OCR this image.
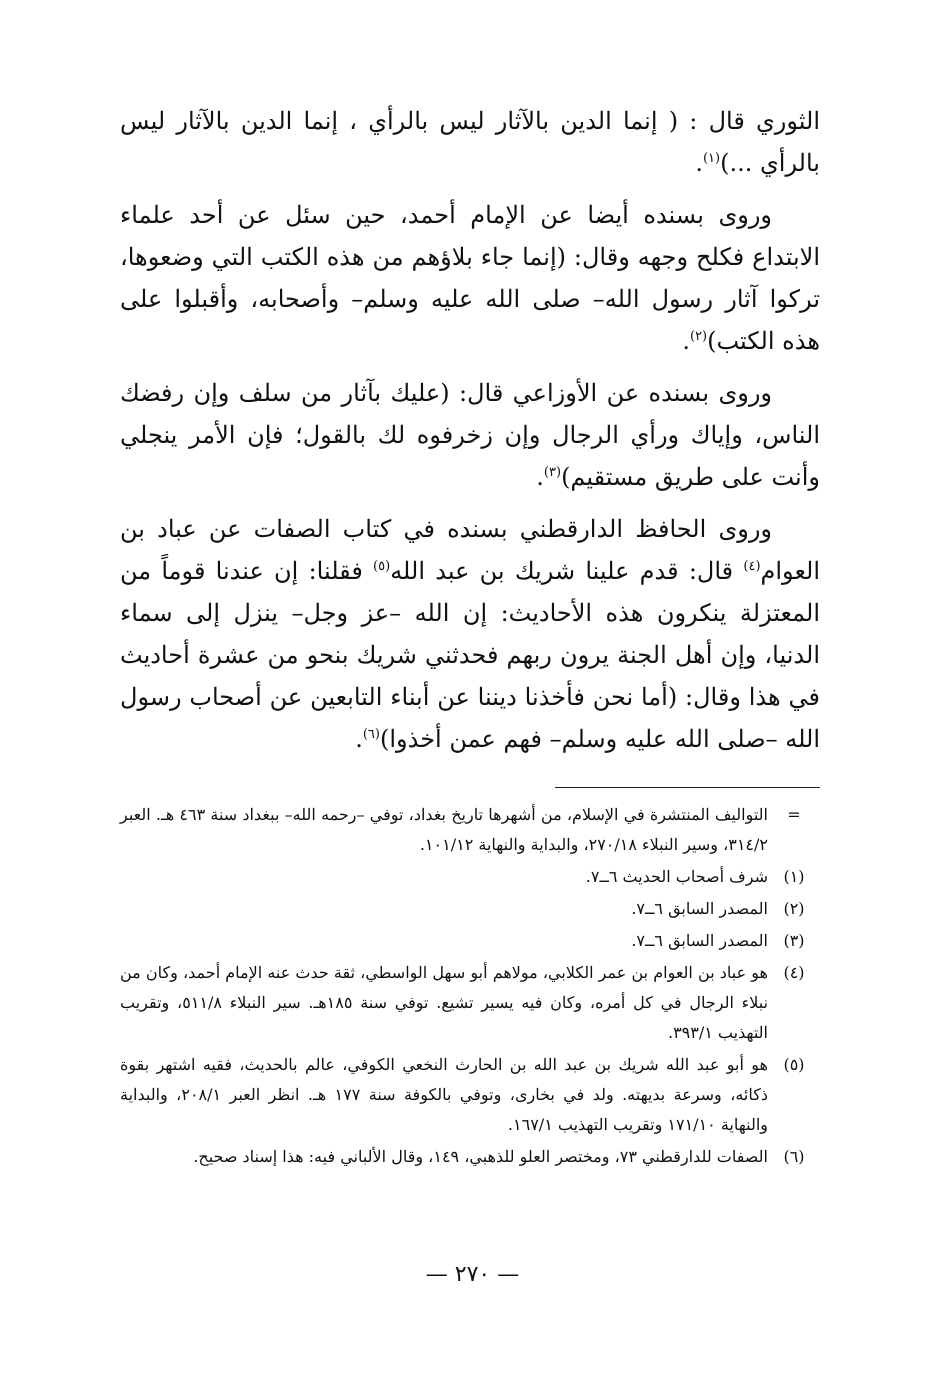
الثوري قال : ( إنما الدين بالآثار ليس بالرأي ، إنما الدين بالآثار ليس بالرأي ...)$^{(١)}$.

وروى بسنده أيضا عن الإمام أحمد، حين سئل عن أحد علماء الابتداع فكلح وجهه وقال: (إنما جاء بلاؤهم من هذه الكتب التي وضعوها، تركوا آثار رسول الله– صلى الله عليه وسلم– وأصحابه، وأقبلوا على هذه الكتب)$^{(٢)}$.

وروى بسنده عن الأوزاعي قال: (عليك بآثار من سلف وإن رفضك الناس، وإياك ورأي الرجال وإن زخرفوه لك بالقول؛ فإن الأمر ينجلي وأنت على طريق مستقيم)$^{(٣)}$.

وروى الحافظ الدارقطني بسنده في كتاب الصفات عن عباد بن العوام$^{(٤)}$ قال: قدم علينا شريك بن عبد الله$^{(٥)}$ فقلنا: إن عندنا قوماً من المعتزلة ينكرون هذه الأحاديث: إن الله –عز وجل– ينزل إلى سماء الدنيا، وإن أهل الجنة يرون ربهم فحدثني شريك بنحو من عشرة أحاديث في هذا وقال: (أما نحن فأخذنا ديننا عن أبناء التابعين عن أصحاب رسول الله –صلى الله عليه وسلم– فهم عمن أخذوا)$^{(٦)}$.

=
التواليف المنتشرة في الإسلام، من أشهرها تاريخ بغداد، توفي –رحمه الله– ببغداد سنة ٤٦٣ هـ. العبر ٣١٤/٢، وسير النبلاء ٢٧٠/١٨، والبداية والنهاية ١٠١/١٢.
(١)
شرف أصحاب الحديث ٦ــ٧.
(٢)
المصدر السابق ٦ــ٧.
(٣)
المصدر السابق ٦ــ٧.
(٤)
هو عباد بن العوام بن عمر الكلابي، مولاهم أبو سهل الواسطي، ثقة حدث عنه الإمام أحمد، وكان من نبلاء الرجال في كل أمره، وكان فيه يسير تشيع. توفي سنة ١٨٥هـ. سير النبلاء ٥١١/٨، وتقريب التهذيب ٣٩٣/١.
(٥)
هو أبو عبد الله شريك بن عبد الله بن الحارث النخعي الكوفي، عالم بالحديث، فقيه اشتهر بقوة ذكائه، وسرعة بديهته. ولد في بخارى، وتوفي بالكوفة سنة ١٧٧ هـ. انظر العبر ٢٠٨/١، والبداية والنهاية ١٧١/١٠ وتقريب التهذيب ١٦٧/١.
(٦)
الصفات للدارقطني ٧٣، ومختصر العلو للذهبي، ١٤٩، وقال الألباني فيه: هذا إسناد صحيح.
— ٢٧٠ —
